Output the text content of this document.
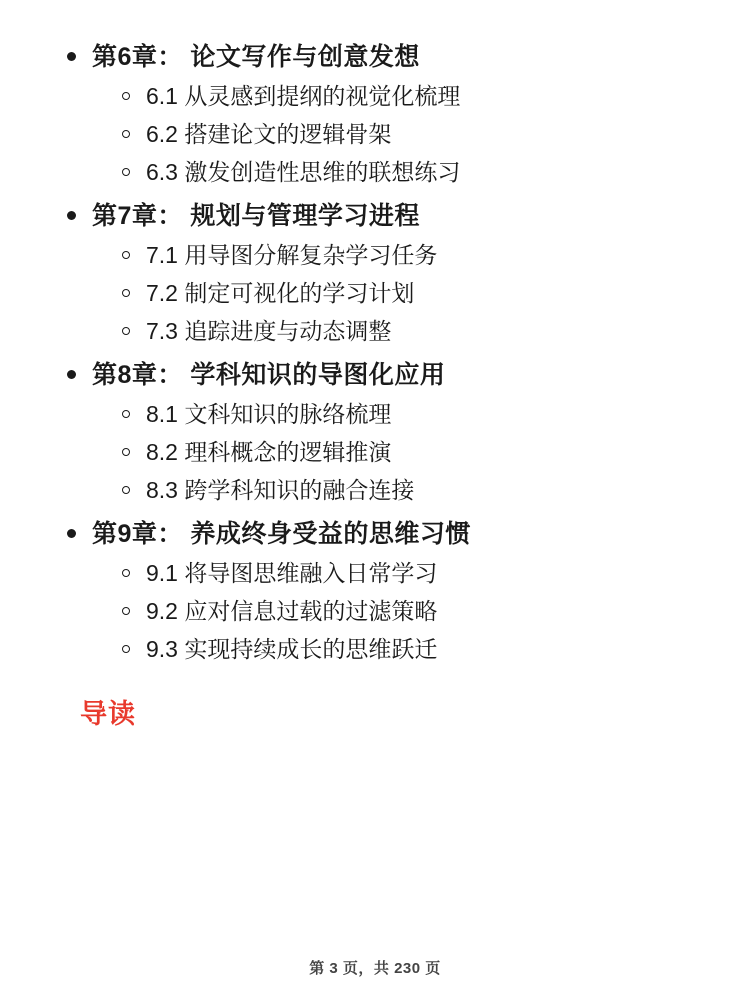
第6章： 论文写作与创意发想
6.1 从灵感到提纲的视觉化梳理
6.2 搭建论文的逻辑骨架
6.3 激发创造性思维的联想练习
第7章： 规划与管理学习进程
7.1 用导图分解复杂学习任务
7.2 制定可视化的学习计划
7.3 追踪进度与动态调整
第8章： 学科知识的导图化应用
8.1 文科知识的脉络梳理
8.2 理科概念的逻辑推演
8.3 跨学科知识的融合连接
第9章： 养成终身受益的思维习惯
9.1 将导图思维融入日常学习
9.2 应对信息过载的过滤策略
9.3 实现持续成长的思维跃迁
导读
第 3 页，共 230 页
